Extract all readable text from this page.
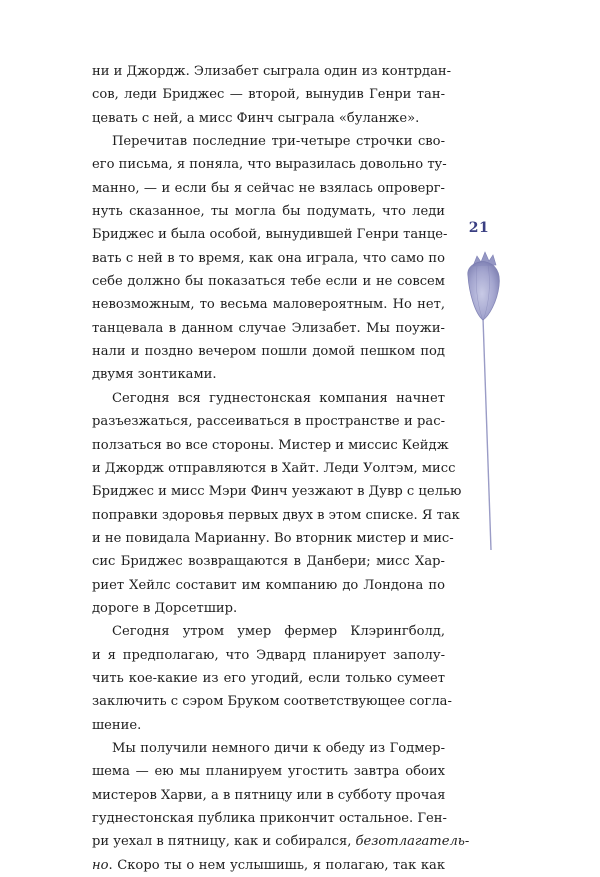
ни и Джордж. Элизабет сыграла один из контрдан-
сов, леди Бриджес — второй, вынудив Генри тан-
цевать с ней, а мисс Финч сыграла «буланже».

Перечитав последние три-четыре строчки сво-
его письма, я поняла, что выразилась довольно ту-
манно, — и если бы я сейчас не взялась опроверг-
нуть сказанное, ты могла бы подумать, что леди
Бриджес и была особой, вынудившей Генри танце-
вать с ней в то время, как она играла, что само по
себе должно бы показаться тебе если и не совсем
невозможным, то весьма маловероятным. Но нет,
танцевала в данном случае Элизабет. Мы поужи-
нали и поздно вечером пошли домой пешком под
двумя зонтиками.

Сегодня вся гуднестонская компания начнет
разъезжаться, рассеиваться в пространстве и рас-
ползаться во все стороны. Мистер и миссис Кейдж
и Джордж отправляются в Хайт. Леди Уолтэм, мисс
Бриджес и мисс Мэри Финч уезжают в Дувр с целью
поправки здоровья первых двух в этом списке. Я так
и не повидала Марианну. Во вторник мистер и мис-
сис Бриджес возвращаются в Данбери; мисс Хар-
риет Хейлс составит им компанию до Лондона по
дороге в Дорсетшир.

Сегодня утром умер фермер Клэрингболд,
и я предполагаю, что Эдвард планирует заполу-
чить кое-какие из его угодий, если только сумеет
заключить с сэром Бруком соответствующее согла-
шение.

Мы получили немного дичи к обеду из Годмер-
шема — ею мы планируем угостить завтра обоих
мистеров Харви, а в пятницу или в субботу прочая
гуднестонская публика прикончит остальное. Ген-
ри уехал в пятницу, как и собирался, безотлагатель-
но. Скоро ты о нем услышишь, я полагаю, так как

21
